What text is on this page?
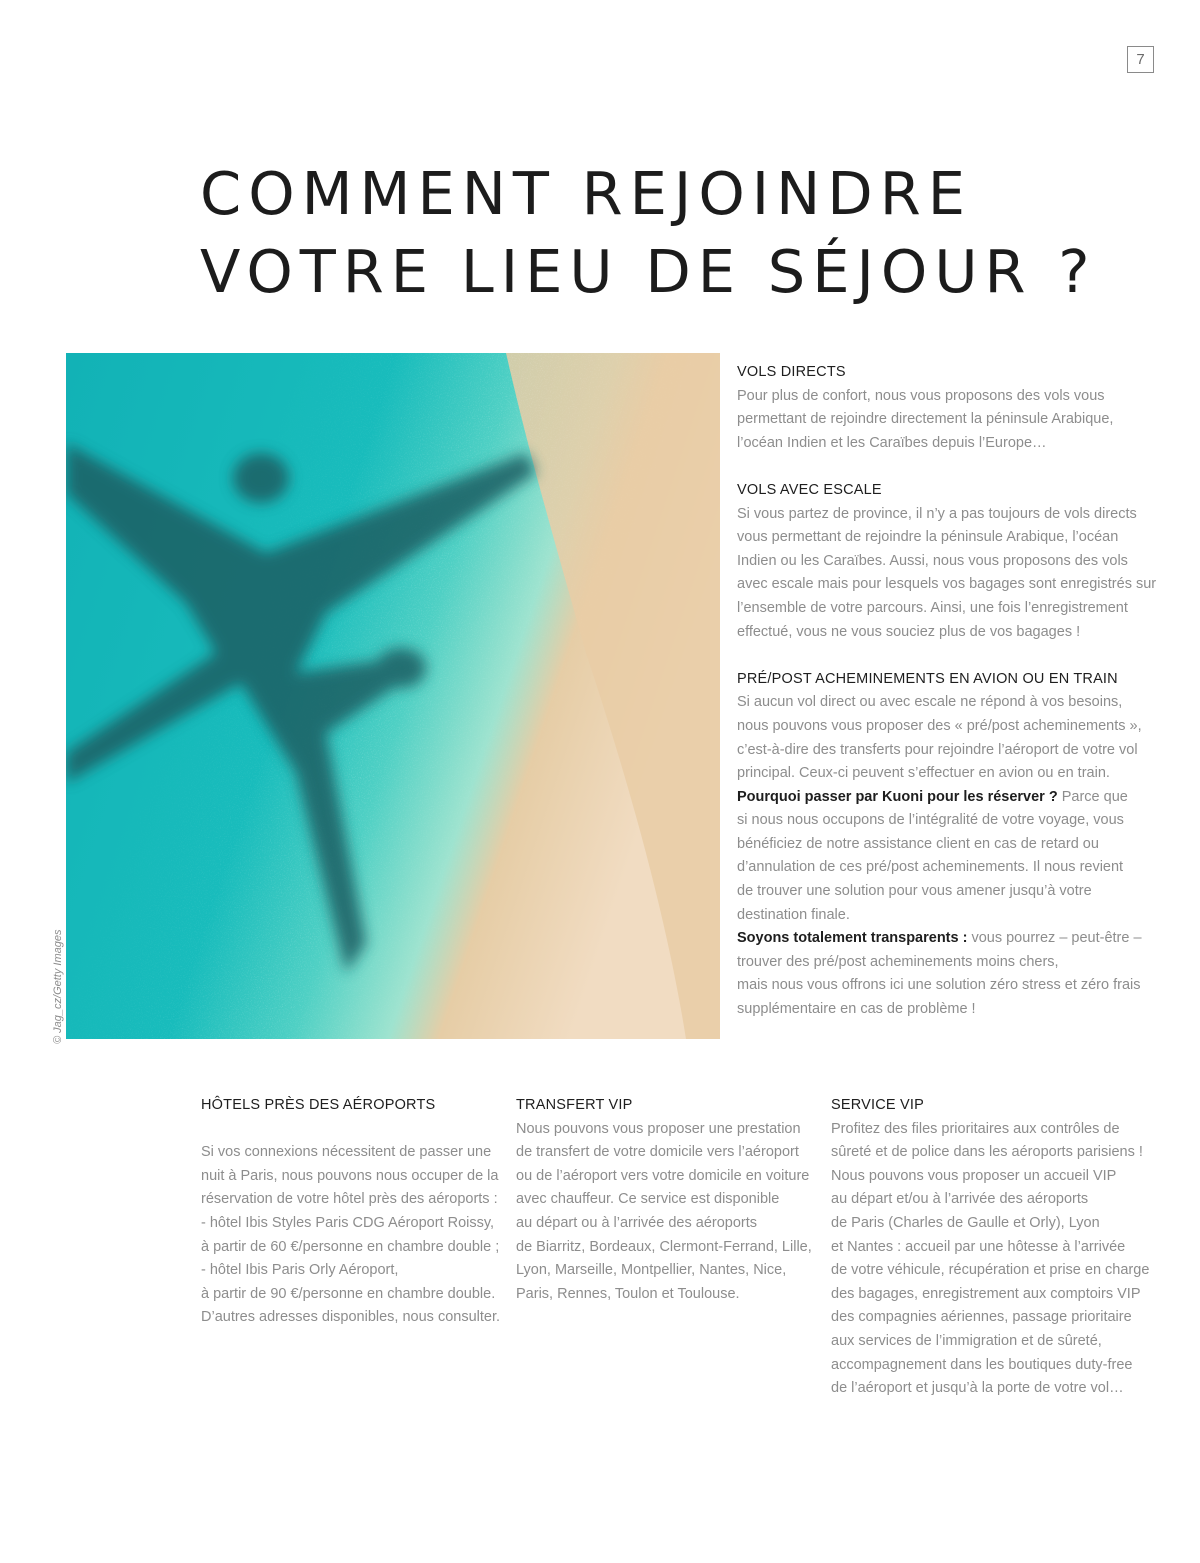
7
COMMENT REJOINDRE
VOTRE LIEU DE SÉJOUR ?
© Jag_cz/Getty Images
VOLS DIRECTS

Pour plus de confort, nous vous proposons des vols vous
permettant de rejoindre directement la péninsule Arabique,
l’océan Indien et les Caraïbes depuis l’Europe…

VOLS AVEC ESCALE

Si vous partez de province, il n’y a pas toujours de vols directs
vous permettant de rejoindre la péninsule Arabique, l’océan
Indien ou les Caraïbes. Aussi, nous vous proposons des vols
avec escale mais pour lesquels vos bagages sont enregistrés sur
l’ensemble de votre parcours. Ainsi, une fois l’enregistrement
effectué, vous ne vous souciez plus de vos bagages !

PRÉ/POST ACHEMINEMENTS EN AVION OU EN TRAIN

Si aucun vol direct ou avec escale ne répond à vos besoins,
nous pouvons vous proposer des « pré/post acheminements »,
c’est-à-dire des transferts pour rejoindre l’aéroport de votre vol
principal. Ceux-ci peuvent s’effectuer en avion ou en train.
Pourquoi passer par Kuoni pour les réserver ? Parce que
si nous nous occupons de l’intégralité de votre voyage, vous
bénéficiez de notre assistance client en cas de retard ou
d’annulation de ces pré/post acheminements. Il nous revient
de trouver une solution pour vous amener jusqu’à votre
destination finale.
Soyons totalement transparents : vous pourrez – peut-être –
trouver des pré/post acheminements moins chers,
mais nous vous offrons ici une solution zéro stress et zéro frais
supplémentaire en cas de problème !

HÔTELS PRÈS DES AÉROPORTS

Si vos connexions nécessitent de passer une
nuit à Paris, nous pouvons nous occuper de la
réservation de votre hôtel près des aéroports :
- hôtel Ibis Styles Paris CDG Aéroport Roissy,
à partir de 60 €/personne en chambre double ;
- hôtel Ibis Paris Orly Aéroport,
à partir de 90 €/personne en chambre double.
D’autres adresses disponibles, nous consulter.

TRANSFERT VIP

Nous pouvons vous proposer une prestation
de transfert de votre domicile vers l’aéroport
ou de l’aéroport vers votre domicile en voiture
avec chauffeur. Ce service est disponible
au départ ou à l’arrivée des aéroports
de Biarritz, Bordeaux, Clermont-Ferrand, Lille,
Lyon, Marseille, Montpellier, Nantes, Nice,
Paris, Rennes, Toulon et Toulouse.

SERVICE VIP

Profitez des files prioritaires aux contrôles de
sûreté et de police dans les aéroports parisiens !
Nous pouvons vous proposer un accueil VIP
au départ et/ou à l’arrivée des aéroports
de Paris (Charles de Gaulle et Orly), Lyon
et Nantes : accueil par une hôtesse à l’arrivée
de votre véhicule, récupération et prise en charge
des bagages, enregistrement aux comptoirs VIP
des compagnies aériennes, passage prioritaire
aux services de l’immigration et de sûreté,
accompagnement dans les boutiques duty-free
de l’aéroport et jusqu’à la porte de votre vol…
